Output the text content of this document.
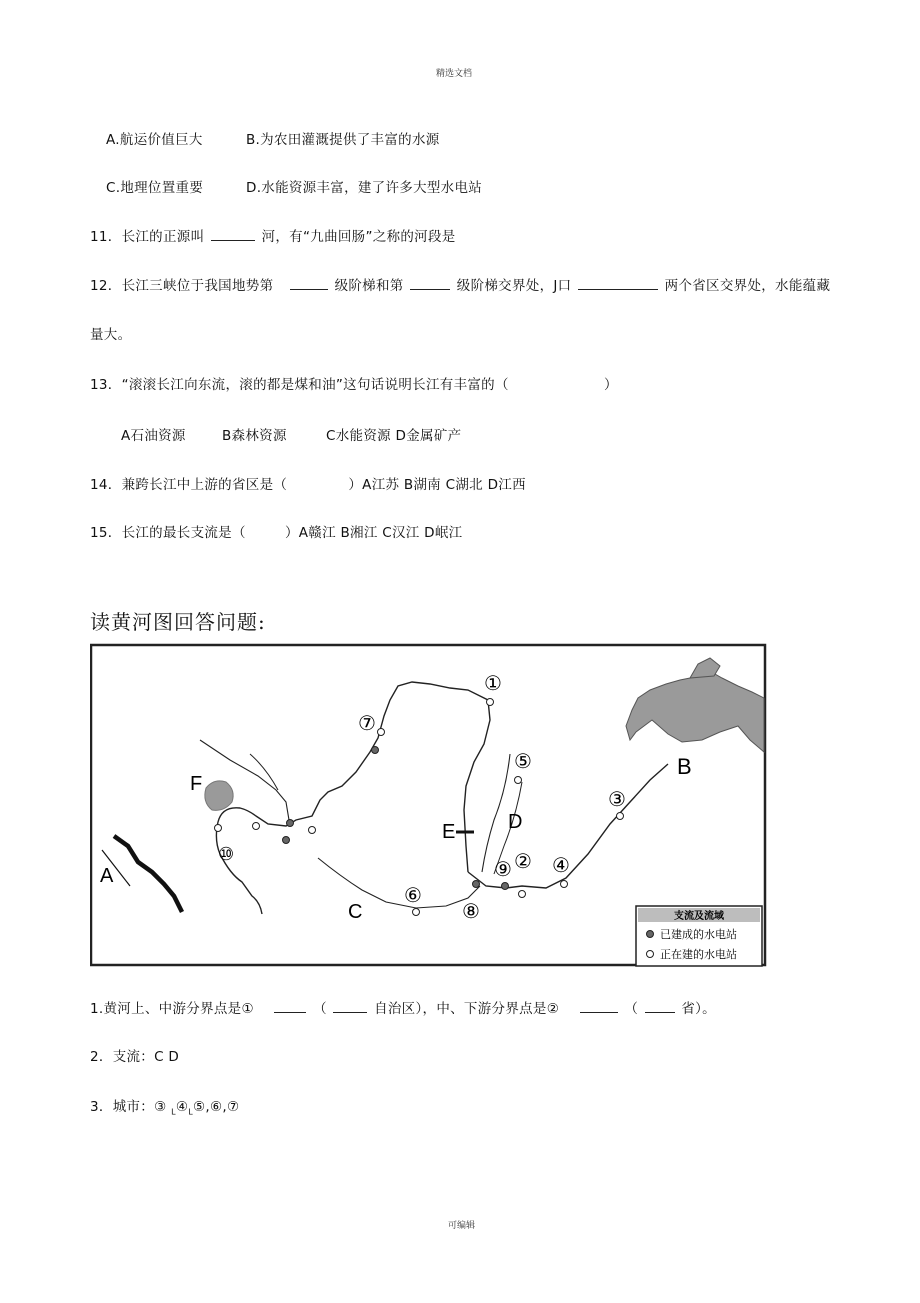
精选文档
A.航运价值巨大	B.为农田灌溉提供了丰富的水源
C.地理位置重要	D.水能资源丰富，建了许多大型水电站
11．长江的正源叫	河，有“九曲回肠”之称的河段是
12．长江三峡位于我国地势第	级阶梯和第	级阶梯交界处，J口	两个省区交界处，水能蕴藏
量大。
13．“滚滚长江向东流，滚的都是煤和油”这句话说明长江有丰富的（	）
A石油资源	B森林资源	C水能资源 D金属矿产
14．兼跨长江中上游的省区是（	）A江苏 B湖南 C湖北 D江西
15．长江的最长支流是（	）A赣江 B湘江 C汉江 D岷江
读黄河图回答问题:
A
B
C
D
E
F
①
②
③
④
⑤
⑥
⑦
⑧
⑨
⑩
支流及流域
已建成的水电站
正在建的水电站
1.黄河上、中游分界点是①	（	自治区），中、下游分界点是②	（	省）。
2．支流：C D
3．城市：③ $_L④_L⑤,⑥,⑦$
可编辑
